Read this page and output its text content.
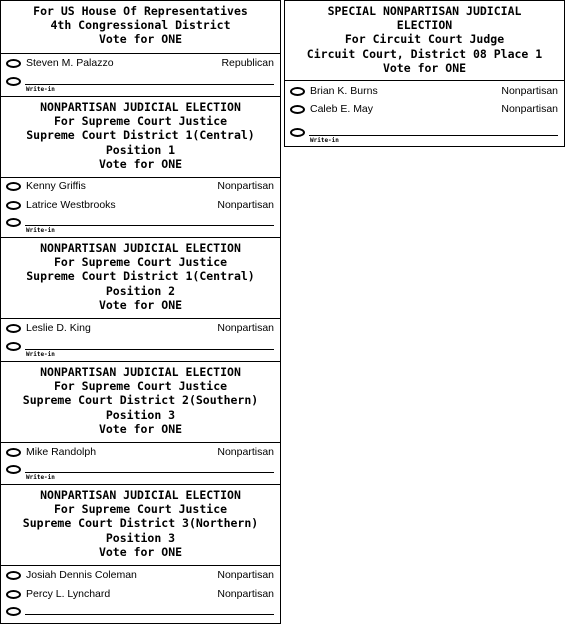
For US House Of Representatives
4th Congressional District
Vote for ONE
Steven M. Palazzo	Republican
Write-in
NONPARTISAN JUDICIAL ELECTION
For Supreme Court Justice
Supreme Court District 1(Central)
Position 1
Vote for ONE
Kenny Griffis	Nonpartisan
Latrice Westbrooks	Nonpartisan
Write-in
NONPARTISAN JUDICIAL ELECTION
For Supreme Court Justice
Supreme Court District 1(Central)
Position 2
Vote for ONE
Leslie D. King	Nonpartisan
Write-in
NONPARTISAN JUDICIAL ELECTION
For Supreme Court Justice
Supreme Court District 2(Southern)
Position 3
Vote for ONE
Mike Randolph	Nonpartisan
Write-in
NONPARTISAN JUDICIAL ELECTION
For Supreme Court Justice
Supreme Court District 3(Northern)
Position 3
Vote for ONE
Josiah Dennis Coleman	Nonpartisan
Percy L. Lynchard	Nonpartisan
SPECIAL NONPARTISAN JUDICIAL
ELECTION
For Circuit Court Judge
Circuit Court, District 08 Place 1
Vote for ONE
Brian K. Burns	Nonpartisan
Caleb E. May	Nonpartisan
Write-in
